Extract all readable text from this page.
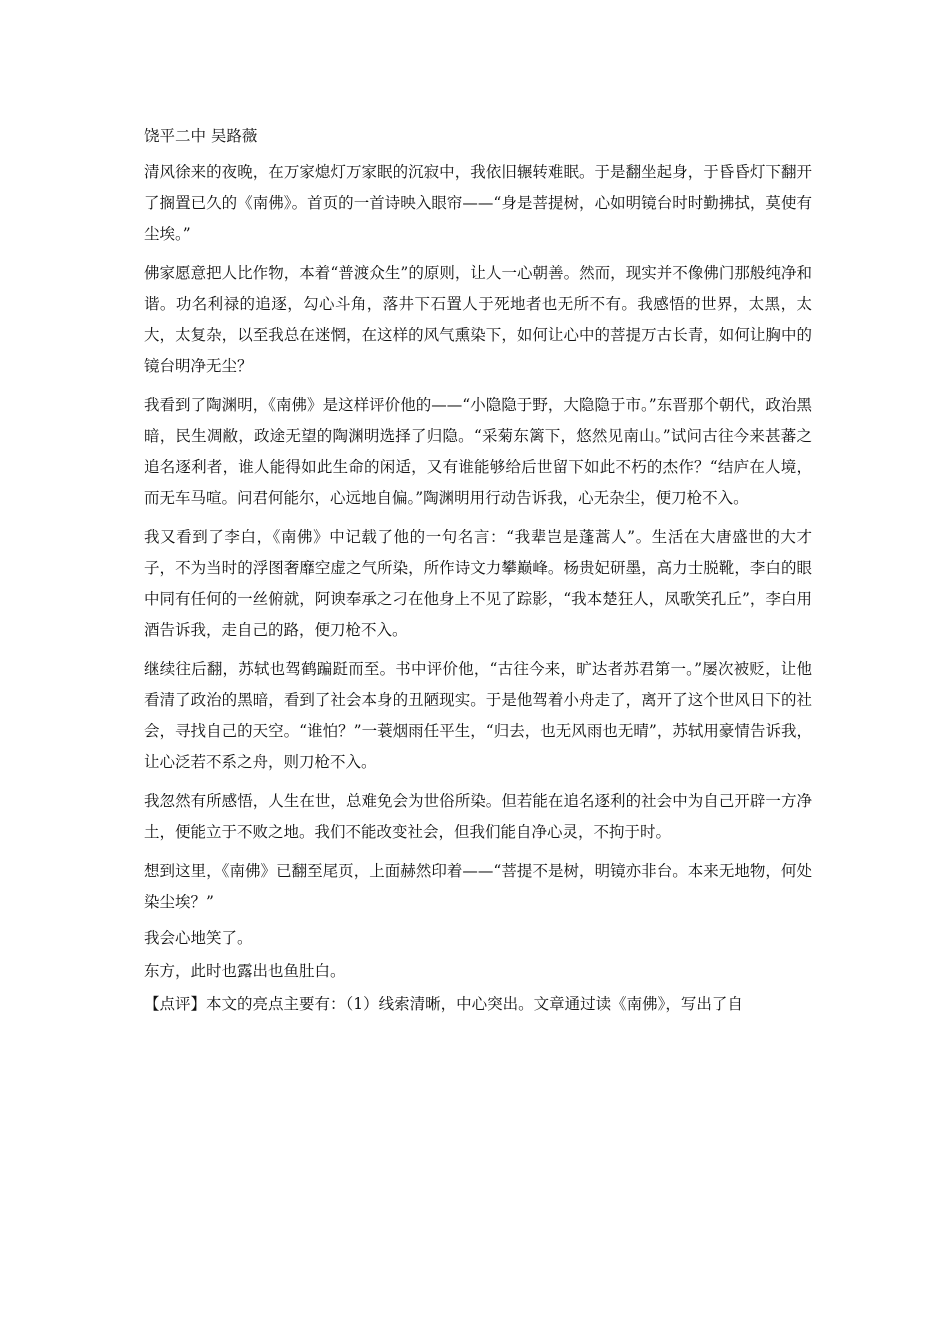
饶平二中 吴路薇

清风徐来的夜晚，在万家熄灯万家眠的沉寂中，我依旧辗转难眠。于是翻坐起身，于昏昏灯下翻开了搁置已久的《南佛》。首页的一首诗映入眼帘——“身是菩提树，心如明镜台时时勤拂拭，莫使有尘埃。”

佛家愿意把人比作物，本着“普渡众生”的原则，让人一心朝善。然而，现实并不像佛门那般纯净和谐。功名利禄的追逐，勾心斗角，落井下石置人于死地者也无所不有。我感悟的世界，太黑，太大，太复杂，以至我总在迷惘，在这样的风气熏染下，如何让心中的菩提万古长青，如何让胸中的镜台明净无尘？

我看到了陶渊明，《南佛》是这样评价他的——“小隐隐于野，大隐隐于市。”东晋那个朝代，政治黑暗，民生凋敝，政途无望的陶渊明选择了归隐。“采菊东篱下，悠然见南山。”试问古往今来甚蕃之追名逐利者，谁人能得如此生命的闲适，又有谁能够给后世留下如此不朽的杰作？“结庐在人境，而无车马喧。问君何能尔，心远地自偏。”陶渊明用行动告诉我，心无杂尘，便刀枪不入。

我又看到了李白，《南佛》中记载了他的一句名言：“我辈岂是蓬蒿人”。生活在大唐盛世的大才子，不为当时的浮图奢靡空虚之气所染，所作诗文力攀巅峰。杨贵妃研墨，高力士脱靴，李白的眼中同有任何的一丝俯就，阿谀奉承之刁在他身上不见了踪影，“我本楚狂人，凤歌笑孔丘”，李白用酒告诉我，走自己的路，便刀枪不入。

继续往后翻，苏轼也驾鹤蹁跹而至。书中评价他，“古往今来，旷达者苏君第一。”屡次被贬，让他看清了政治的黑暗，看到了社会本身的丑陋现实。于是他驾着小舟走了，离开了这个世风日下的社会，寻找自己的天空。“谁怕？”一蓑烟雨任平生，“归去，也无风雨也无晴”，苏轼用豪情告诉我，让心泛若不系之舟，则刀枪不入。

我忽然有所感悟，人生在世，总难免会为世俗所染。但若能在追名逐利的社会中为自己开辟一方净土，便能立于不败之地。我们不能改变社会，但我们能自净心灵，不拘于时。

想到这里，《南佛》已翻至尾页，上面赫然印着——“菩提不是树，明镜亦非台。本来无地物，何处染尘埃？”

我会心地笑了。

东方，此时也露出也鱼肚白。

【点评】本文的亮点主要有：（1）线索清晰，中心突出。文章通过读《南佛》，写出了自
